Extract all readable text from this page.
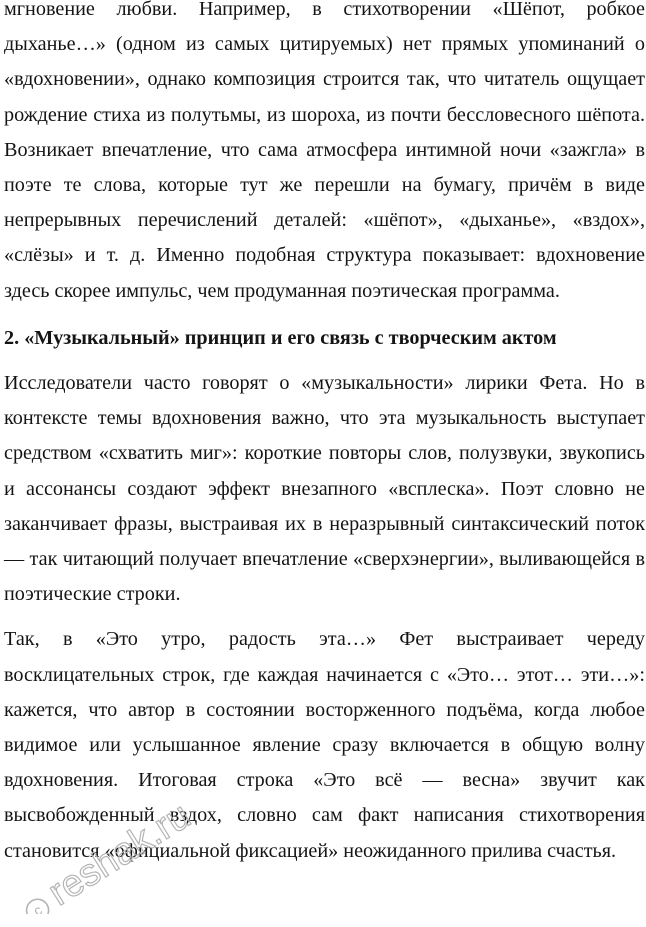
мгновение любви. Например, в стихотворении «Шёпот, робкое дыханье…» (одном из самых цитируемых) нет прямых упоминаний о «вдохновении», однако композиция строится так, что читатель ощущает рождение стиха из полутьмы, из шороха, из почти бессловесного шёпота. Возникает впечатление, что сама атмосфера интимной ночи «зажгла» в поэте те слова, которые тут же перешли на бумагу, причём в виде непрерывных перечислений деталей: «шёпот», «дыханье», «вздох», «слёзы» и т. д. Именно подобная структура показывает: вдохновение здесь скорее импульс, чем продуманная поэтическая программа.

2. «Музыкальный» принцип и его связь с творческим актом

Исследователи часто говорят о «музыкальности» лирики Фета. Но в контексте темы вдохновения важно, что эта музыкальность выступает средством «схватить миг»: короткие повторы слов, полузвуки, звукопись и ассонансы создают эффект внезапного «всплеска». Поэт словно не заканчивает фразы, выстраивая их в неразрывный синтаксический поток — так читающий получает впечатление «сверхэнергии», выливающейся в поэтические строки.

Так, в «Это утро, радость эта…» Фет выстраивает череду восклицательных строк, где каждая начинается с «Это… этот… эти…»: кажется, что автор в состоянии восторженного подъёма, когда любое видимое или услышанное явление сразу включается в общую волну вдохновения. Итоговая строка «Это всё — весна» звучит как высвобожденный вздох, словно сам факт написания стихотворения становится «официальной фиксацией» неожиданного прилива счастья.

c
reshak.ru
